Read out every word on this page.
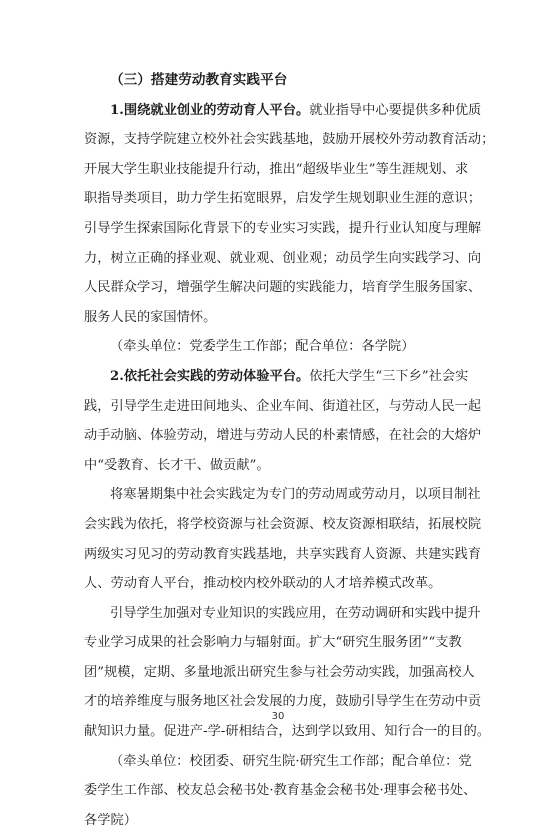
（三）搭建劳动教育实践平台
1.围绕就业创业的劳动育人平台。就业指导中心要提供多种优质
资源，支持学院建立校外社会实践基地，鼓励开展校外劳动教育活动；
开展大学生职业技能提升行动，推出“超级毕业生”等生涯规划、求
职指导类项目，助力学生拓宽眼界，启发学生规划职业生涯的意识；
引导学生探索国际化背景下的专业实习实践，提升行业认知度与理解
力，树立正确的择业观、就业观、创业观；动员学生向实践学习、向
人民群众学习，增强学生解决问题的实践能力，培育学生服务国家、
服务人民的家国情怀。
（牵头单位：党委学生工作部；配合单位：各学院）
2.依托社会实践的劳动体验平台。依托大学生“三下乡”社会实
践，引导学生走进田间地头、企业车间、街道社区，与劳动人民一起
动手动脑、体验劳动，增进与劳动人民的朴素情感，在社会的大熔炉
中“受教育、长才干、做贡献”。
将寒暑期集中社会实践定为专门的劳动周或劳动月，以项目制社
会实践为依托，将学校资源与社会资源、校友资源相联结，拓展校院
两级实习见习的劳动教育实践基地，共享实践育人资源、共建实践育
人、劳动育人平台，推动校内校外联动的人才培养模式改革。
引导学生加强对专业知识的实践应用，在劳动调研和实践中提升
专业学习成果的社会影响力与辐射面。扩大“研究生服务团”“支教
团”规模，定期、多量地派出研究生参与社会劳动实践，加强高校人
才的培养维度与服务地区社会发展的力度，鼓励引导学生在劳动中贡
献知识力量。促进产-学-研相结合，达到学以致用、知行合一的目的。
（牵头单位：校团委、研究生院·研究生工作部；配合单位：党
委学生工作部、校友总会秘书处·教育基金会秘书处·理事会秘书处、
各学院）
30
